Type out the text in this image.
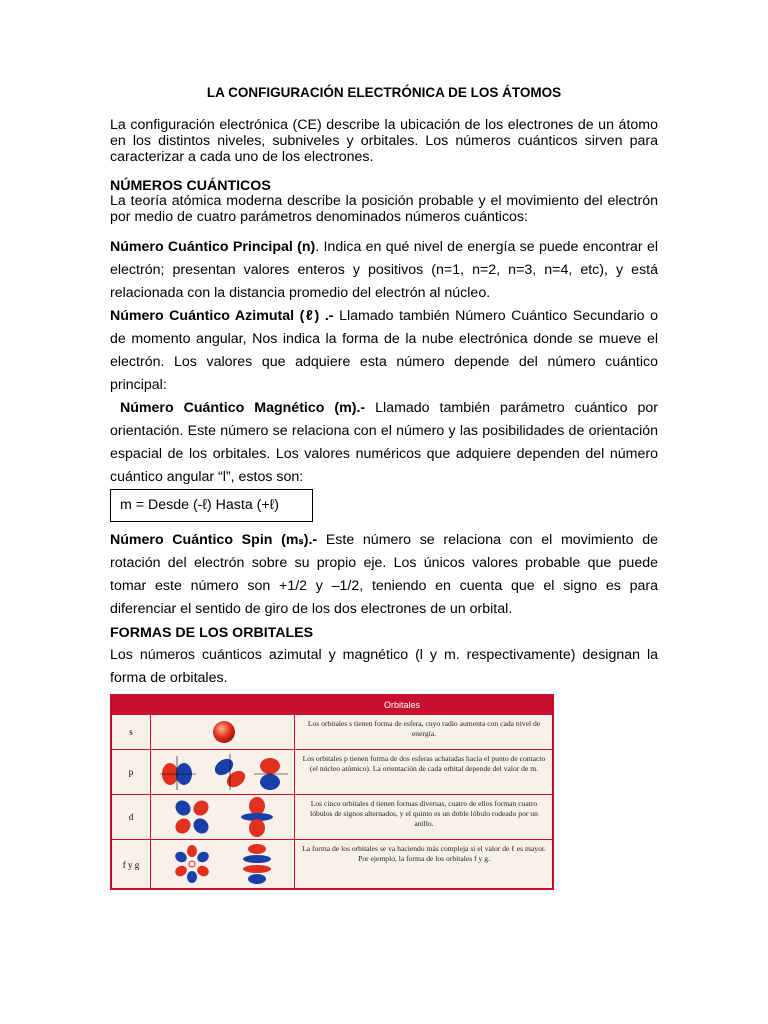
LA CONFIGURACIÓN ELECTRÓNICA DE LOS ÁTOMOS
La configuración electrónica (CE) describe la ubicación de los electrones de un átomo en los distintos niveles, subniveles y orbitales. Los números cuánticos sirven para caracterizar a cada uno de los electrones.
NÚMEROS CUÁNTICOS
La teoría atómica moderna describe la posición probable y el movimiento del electrón por medio de cuatro parámetros denominados números cuánticos:
Número Cuántico Principal (n). Indica en qué nivel de energía se puede encontrar el electrón; presentan valores enteros y positivos (n=1, n=2, n=3, n=4, etc), y está relacionada con la distancia promedio del electrón al núcleo.
Número Cuántico Azimutal (ℓ) .- Llamado también Número Cuántico Secundario o de momento angular, Nos indica la forma de la nube electrónica donde se mueve el electrón. Los valores que adquiere esta número depende del número cuántico principal:
Número Cuántico Magnético (m).- Llamado también parámetro cuántico por orientación. Este número se relaciona con el número y las posibilidades de orientación espacial de los orbitales. Los valores numéricos que adquiere dependen del número cuántico angular “l”, estos son:
m = Desde (-ℓ) Hasta (+ℓ)
Número Cuántico Spin (mₛ).- Este número se relaciona con el movimiento de rotación del electrón sobre su propio eje. Los únicos valores probable que puede tomar este número son +1/2 y –1/2, teniendo en cuenta que el signo es para diferenciar el sentido de giro de los dos electrones de un orbital.
FORMAS DE LOS ORBITALES
Los números cuánticos azimutal y magnético (l y m. respectivamente) designan la forma de orbitales.
Orbitales
s
Los orbitales s tienen forma de esfera, cuyo radio aumenta con cada nivel de energía.
p
Los orbitales p tienen forma de dos esferas achatadas hacia el punto de contacto (el núcleo atómico). La orientación de cada orbital depende del valor de m.
d
Los cinco orbitales d tienen formas diversas, cuatro de ellos forman cuatro lóbulos de signos alternados, y el quinto es un doble lóbulo rodeado por un anillo.
f y g
La forma de los orbitales se va haciendo más compleja si el valor de ℓ es mayor. Por ejemplo, la forma de los orbitales f y g.
